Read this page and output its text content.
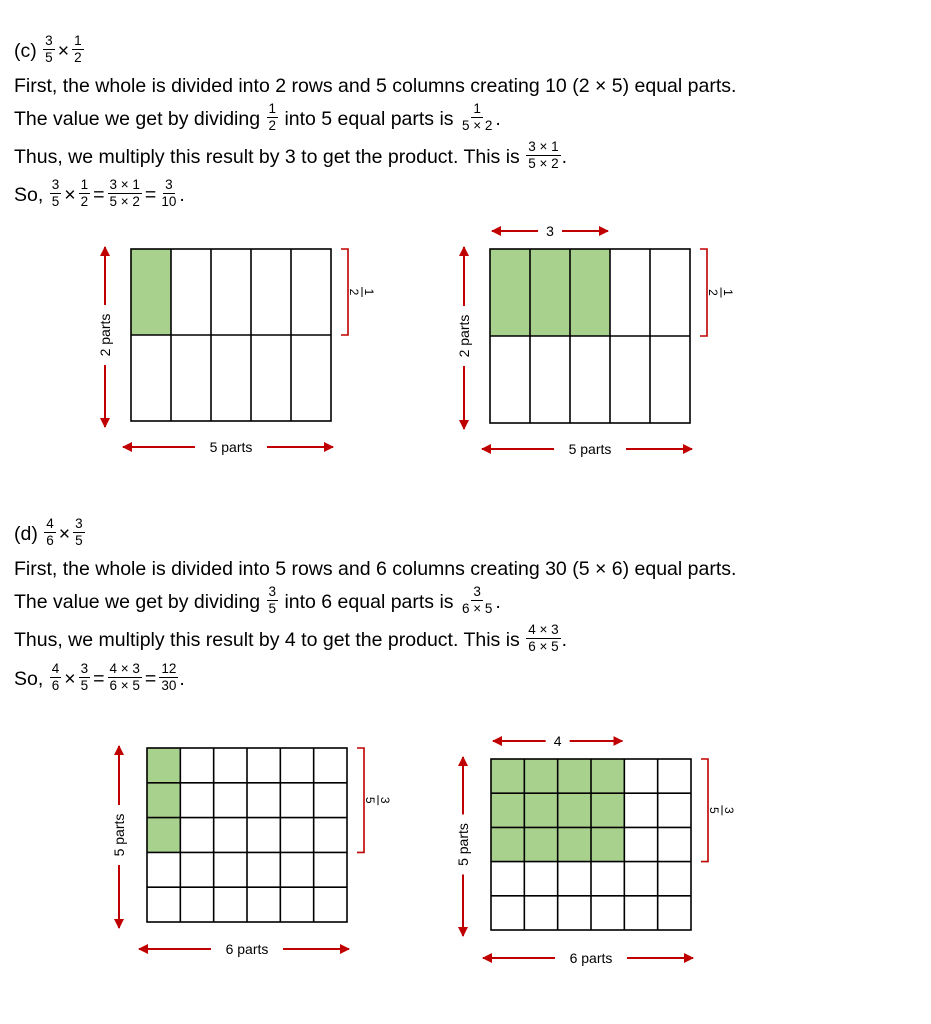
$(c) \frac{3}{5} \times \frac{1}{2}$
First, the whole is divided into 2 rows and 5 columns creating 10 (2 × 5) equal parts.
The value we get by dividing $\frac{1}{2}$ into 5 equal parts is $\frac{1}{5 \times 2}$ .
Thus, we multiply this result by 3 to get the product. This is $\frac{3 \times 1}{5 \times 2}$ .
So, $\frac{3}{5} \times \frac{1}{2} = \frac{3 \times 1}{5 \times 2} = \frac{3}{10}$ .
$(d) \frac{4}{6} \times \frac{3}{5}$
First, the whole is divided into 5 rows and 6 columns creating 30 (5 × 6) equal parts.
The value we get by dividing $\frac{3}{5}$ into 6 equal parts is $\frac{3}{6 \times 5}$ .
Thus, we multiply this result by 4 to get the product. This is $\frac{4 \times 3}{6 \times 5}$ .
So, $\frac{4}{6} \times \frac{3}{5} = \frac{4 \times 3}{6 \times 5} = \frac{12}{30}$ .
2 parts
5 parts
1
2
2 parts
5 parts
3
1
2
5 parts
6 parts
3
5
5 parts
6 parts
4
3
5
